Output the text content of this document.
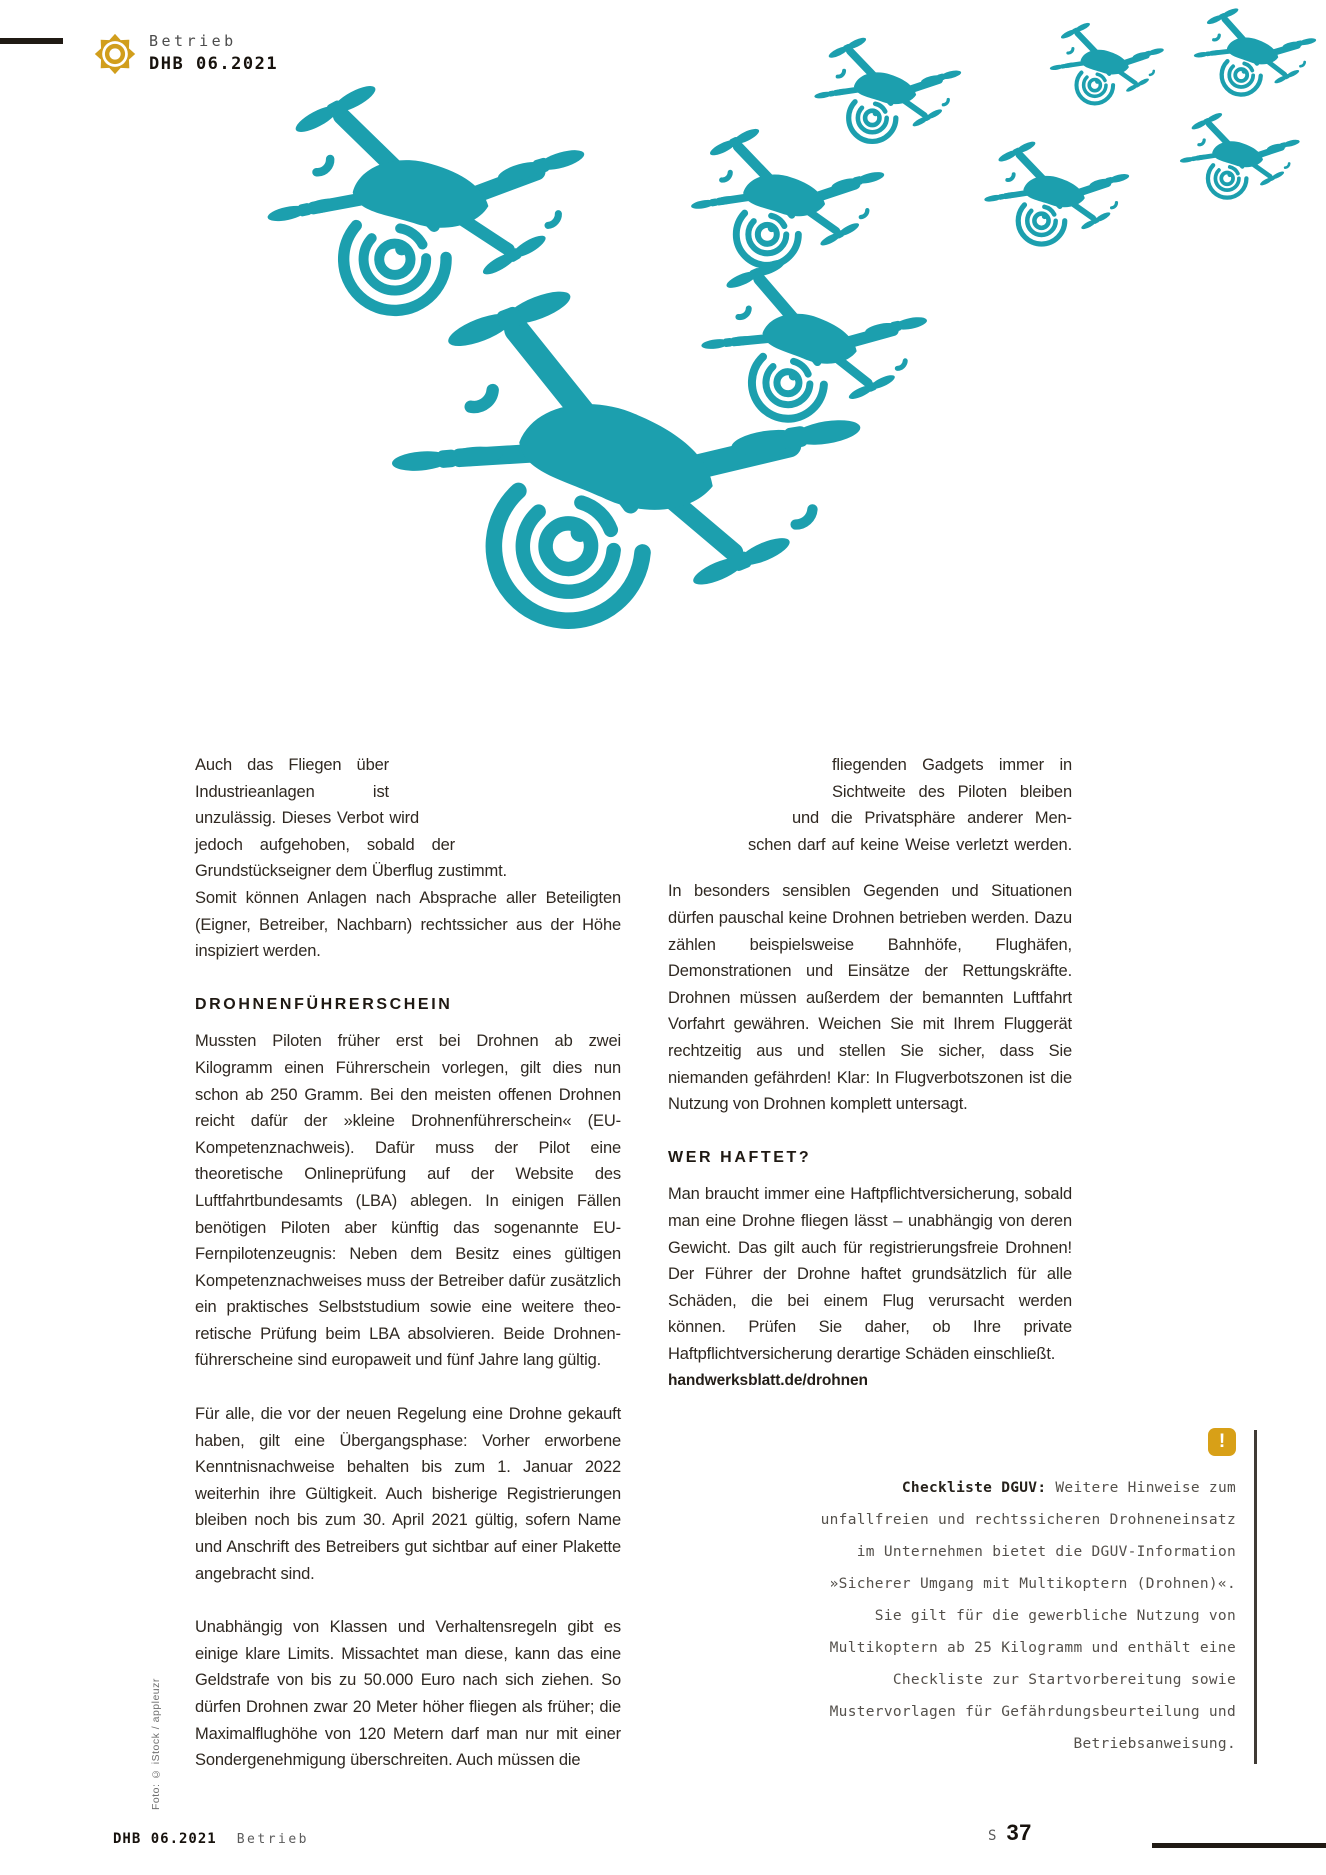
Betrieb
DHB 06.2021

Auch das Fliegen über Industrieanlagen ist unzulässig. Dieses Verbot wird jedoch aufgehoben, sobald der Grundstückseigner dem Überflug zustimmt. Somit können Anlagen nach Absprache aller Beteiligten (Eigner, Betreiber, Nachbarn) rechtssicher aus der Höhe inspiziert werden.

DROHNENFÜHRERSCHEIN

Mussten Piloten früher erst bei Drohnen ab zwei Kilogramm einen Führerschein vorlegen, gilt dies nun schon ab 250 Gramm. Bei den meisten offenen Drohnen reicht dafür der »kleine Drohnenführerschein« (EU-Kompetenznachweis). Dafür muss der Pilot eine theoretische Onlineprüfung auf der Website des Luftfahrtbundesamts (LBA) ablegen. In einigen Fällen benötigen Piloten aber künftig das sogenannte EU-Fernpilotenzeugnis: Neben dem Besitz eines gültigen Kompetenznachweises muss der Betreiber dafür zusätzlich ein praktisches Selbststudium sowie eine weitere theoretische Prüfung beim LBA absolvieren. Beide Drohnenführerscheine sind europaweit und fünf Jahre lang gültig.

Für alle, die vor der neuen Regelung eine Drohne gekauft haben, gilt eine Übergangsphase: Vorher erworbene Kenntnisnachweise behalten bis zum 1. Januar 2022 weiterhin ihre Gültigkeit. Auch bisherige Registrierungen bleiben noch bis zum 30. April 2021 gültig, sofern Name und Anschrift des Betreibers gut sichtbar auf einer Plakette angebracht sind.

Unabhängig von Klassen und Verhaltensregeln gibt es einige klare Limits. Missachtet man diese, kann das eine Geldstrafe von bis zu 50.000 Euro nach sich ziehen. So dürfen Drohnen zwar 20 Meter höher fliegen als früher; die Maximalflughöhe von 120 Metern darf man nur mit einer Sondergenehmigung überschreiten. Auch müssen die

fliegenden Gadgets immer in Sichtweite des Piloten bleiben und die Privatsphäre anderer Menschen darf auf keine Weise verletzt werden.

In besonders sensiblen Gegenden und Situationen dürfen pauschal keine Drohnen betrieben werden. Dazu zählen beispielsweise Bahnhöfe, Flughäfen, Demonstrationen und Einsätze der Rettungskräfte. Drohnen müssen außerdem der bemannten Luftfahrt Vorfahrt gewähren. Weichen Sie mit Ihrem Fluggerät rechtzeitig aus und stellen Sie sicher, dass Sie niemanden gefährden! Klar: In Flugverbotszonen ist die Nutzung von Drohnen komplett untersagt.

WER HAFTET?

Man braucht immer eine Haftpflichtversicherung, sobald man eine Drohne fliegen lässt – unabhängig von deren Gewicht. Das gilt auch für registrierungsfreie Drohnen! Der Führer der Drohne haftet grundsätzlich für alle Schäden, die bei einem Flug verursacht werden können. Prüfen Sie daher, ob Ihre private Haftpflichtversicherung derartige Schäden einschließt.

handwerksblatt.de/drohnen
!
Checkliste DGUV: Weitere Hinweise zum unfallfreien und rechtssicheren Drohneneinsatz im Unternehmen bietet die DGUV-Information »Sicherer Umgang mit Multikoptern (Drohnen)«. Sie gilt für die gewerbliche Nutzung von Multikoptern ab 25 Kilogramm und enthält eine Checkliste zur Startvorbereitung sowie Mustervorlagen für Gefährdungsbeurteilung und Betriebsanweisung.
Foto: © iStock / appleuzr
DHB 06.2021 Betrieb	S 37
